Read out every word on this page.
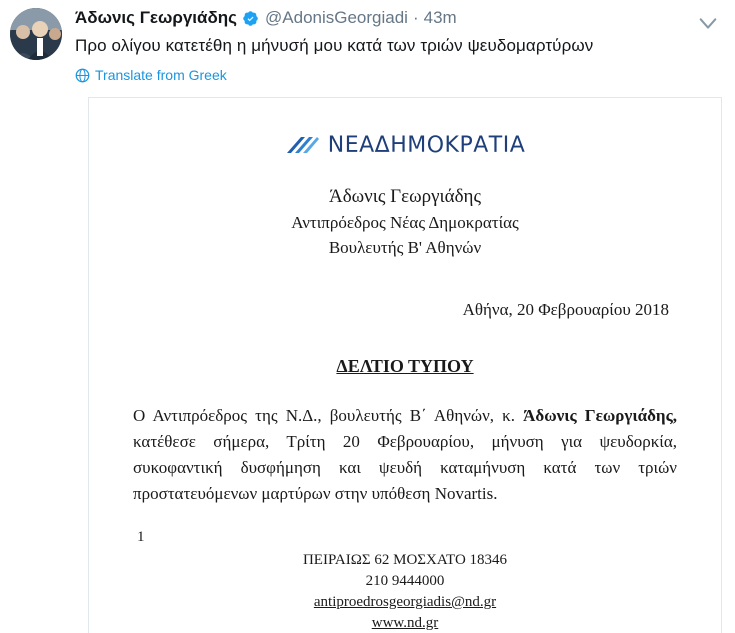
Άδωνις Γεωργιάδης @AdonisGeorgiadi · 43m
Προ ολίγου κατετέθη η μήνυσή μου κατά των τριών ψευδομαρτύρων
Translate from Greek
ΝΕΑΔΗΜΟΚΡΑΤΙΑ
Άδωνις Γεωργιάδης
Αντιπρόεδρος Νέας Δημοκρατίας
Βουλευτής Β' Αθηνών
Αθήνα, 20 Φεβρουαρίου 2018
ΔΕΛΤΙΟ ΤΥΠΟΥ
Ο Αντιπρόεδρος της Ν.Δ., βουλευτής Β΄ Αθηνών, κ. Άδωνις Γεωργιάδης, κατέθεσε σήμερα, Τρίτη 20 Φεβρουαρίου, μήνυση για ψευδορκία, συκοφαντική δυσφήμηση και ψευδή καταμήνυση κατά των τριών προστατευόμενων μαρτύρων στην υπόθεση Novartis.
1
ΠΕΙΡΑΙΩΣ 62 ΜΟΣΧΑΤΟ 18346
210 9444000
antiproedrosgeorgiadis@nd.gr
www.nd.gr
